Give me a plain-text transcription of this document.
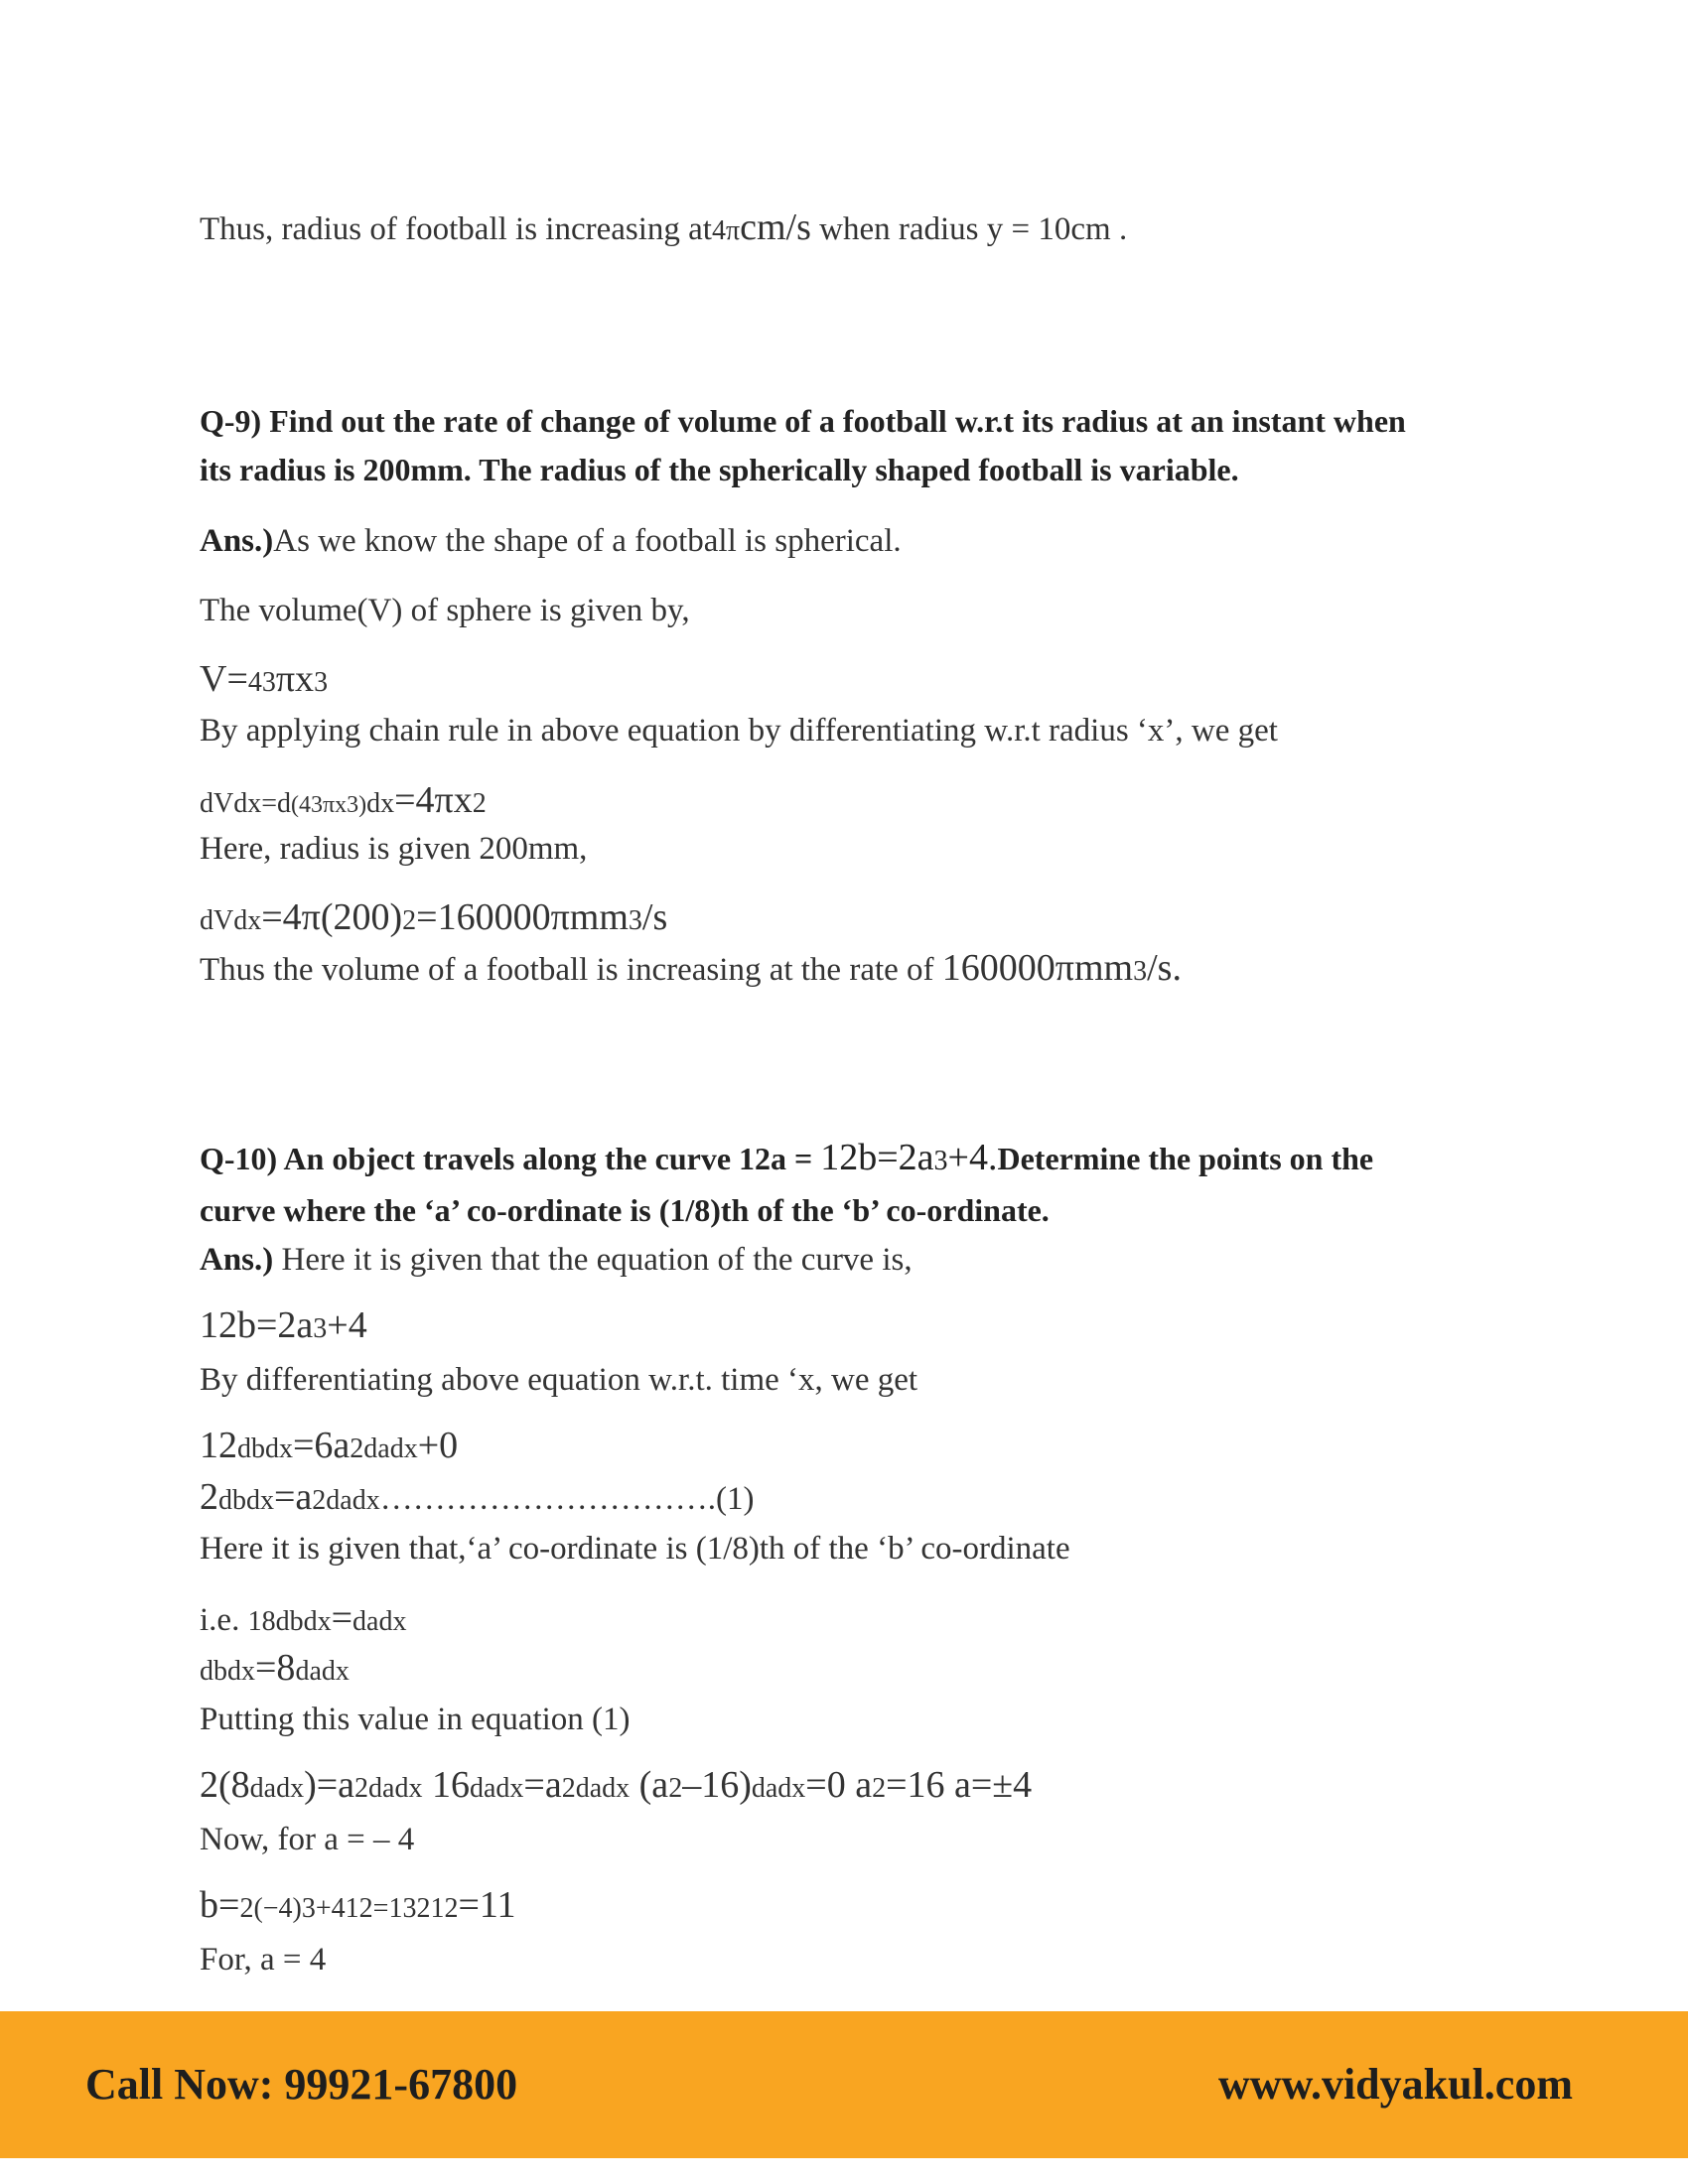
Thus, radius of football is increasing at4πcm/s when radius y = 10cm .
Q-9) Find out the rate of change of volume of a football w.r.t its radius at an instant when
its radius is 200mm. The radius of the spherically shaped football is variable.
Ans.)As we know the shape of a football is spherical.
The volume(V) of sphere is given by,
V=43πx3
By applying chain rule in above equation by differentiating w.r.t radius ‘x’, we get
dVdx=d(43πx3)dx=4πx2
Here, radius is given 200mm,
dVdx=4π(200)2=160000πmm3/s
Thus the volume of a football is increasing at the rate of 160000πmm3/s.
Q-10) An object travels along the curve 12a = 12b=2a3+4.Determine the points on the
curve where the ‘a’ co-ordinate is (1/8)th of the ‘b’ co-ordinate.
Ans.) Here it is given that the equation of the curve is,
12b=2a3+4
By differentiating above equation w.r.t. time ‘x, we get
12dbdx=6a2dadx+0
2dbdx=a2dadx………………………….(1)
Here it is given that,‘a’ co-ordinate is (1/8)th of the ‘b’ co-ordinate
i.e. 18dbdx=dadx
dbdx=8dadx
Putting this value in equation (1)
2(8dadx)=a2dadx 16dadx=a2dadx (a2–16)dadx=0 a2=16 a=±4
Now, for a = – 4
b=2(−4)3+412=13212=11
For, a = 4
Call Now: 99921-67800	www.vidyakul.com
